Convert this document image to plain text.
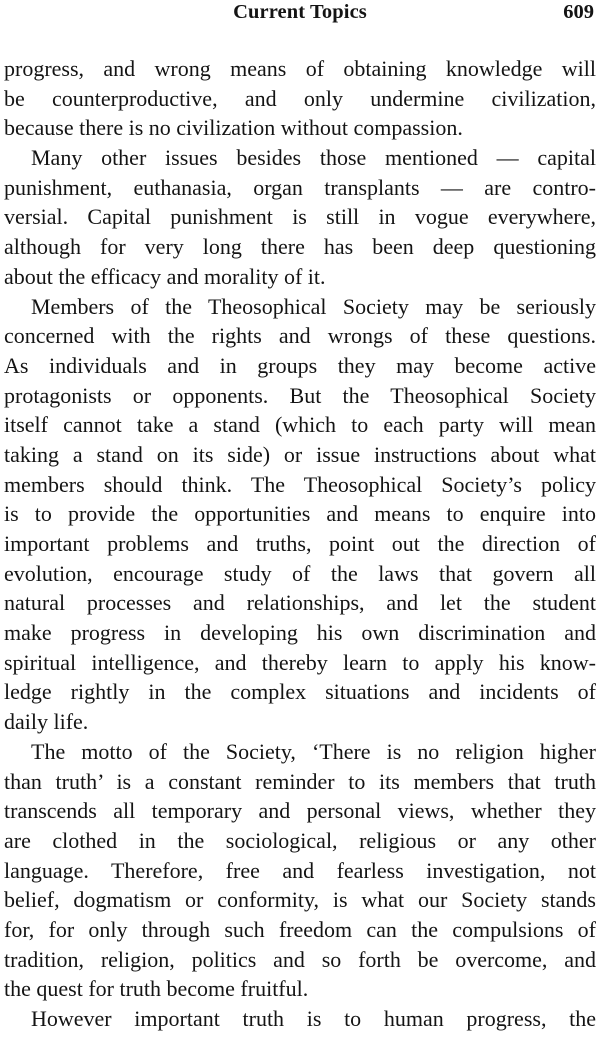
Current Topics	609
progress, and wrong means of obtaining knowledge will
be counterproductive, and only undermine civilization,
because there is no civilization without compassion.
Many other issues besides those mentioned — capital
punishment, euthanasia, organ transplants — are contro-
versial. Capital punishment is still in vogue everywhere,
although for very long there has been deep questioning
about the efficacy and morality of it.
Members of the Theosophical Society may be seriously
concerned with the rights and wrongs of these questions.
As individuals and in groups they may become active
protagonists or opponents. But the Theosophical Society
itself cannot take a stand (which to each party will mean
taking a stand on its side) or issue instructions about what
members should think. The Theosophical Society’s policy
is to provide the opportunities and means to enquire into
important problems and truths, point out the direction of
evolution, encourage study of the laws that govern all
natural processes and relationships, and let the student
make progress in developing his own discrimination and
spiritual intelligence, and thereby learn to apply his know-
ledge rightly in the complex situations and incidents of
daily life.
The motto of the Society, ‘There is no religion higher
than truth’ is a constant reminder to its members that truth
transcends all temporary and personal views, whether they
are clothed in the sociological, religious or any other
language. Therefore, free and fearless investigation, not
belief, dogmatism or conformity, is what our Society stands
for, for only through such freedom can the compulsions of
tradition, religion, politics and so forth be overcome, and
the quest for truth become fruitful.
However important truth is to human progress, the
